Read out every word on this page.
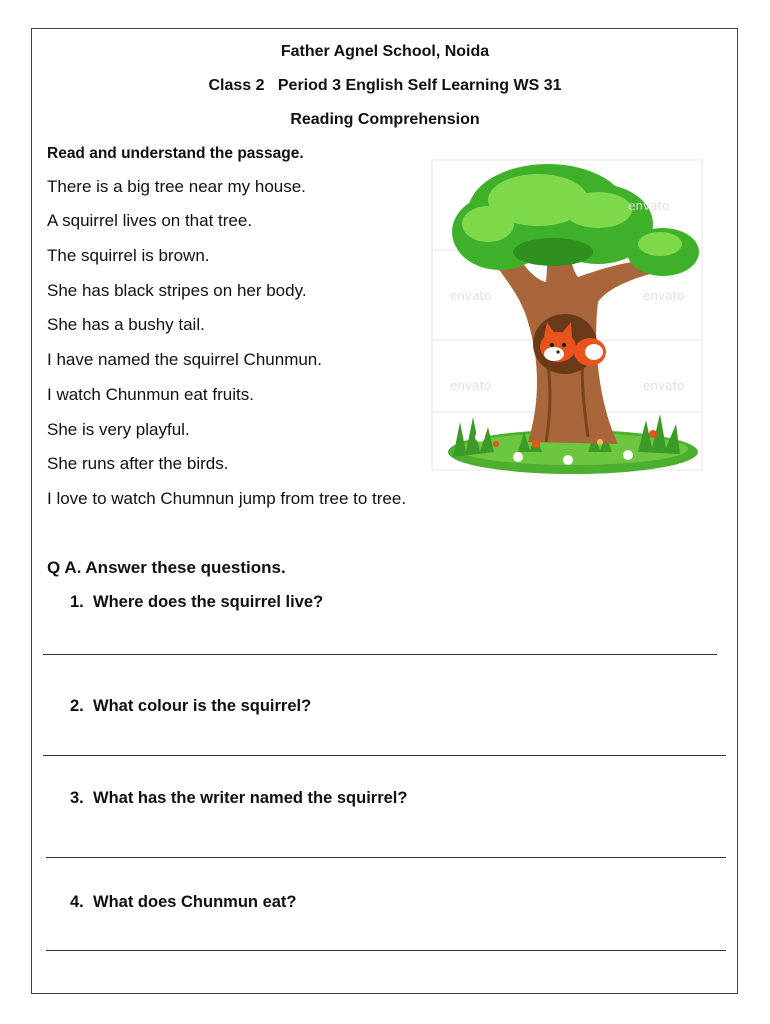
Father Agnel School, Noida
Class 2   Period 3 English Self Learning WS 31
Reading Comprehension
Read and understand the passage.
There is a big tree near my house.
A squirrel lives on that tree.
The squirrel is brown.
She has black stripes on her body.
She has a bushy tail.
I have named the squirrel Chunmun.
I watch Chunmun eat fruits.
She is very playful.
She runs after the birds.
I love to watch Chumnun jump from tree to tree.
envato
envato	envato
envato	envato
Q A. Answer these questions.
1. Where does the squirrel live?
2. What colour is the squirrel?
3. What has the writer named the squirrel?
4. What does Chunmun eat?
